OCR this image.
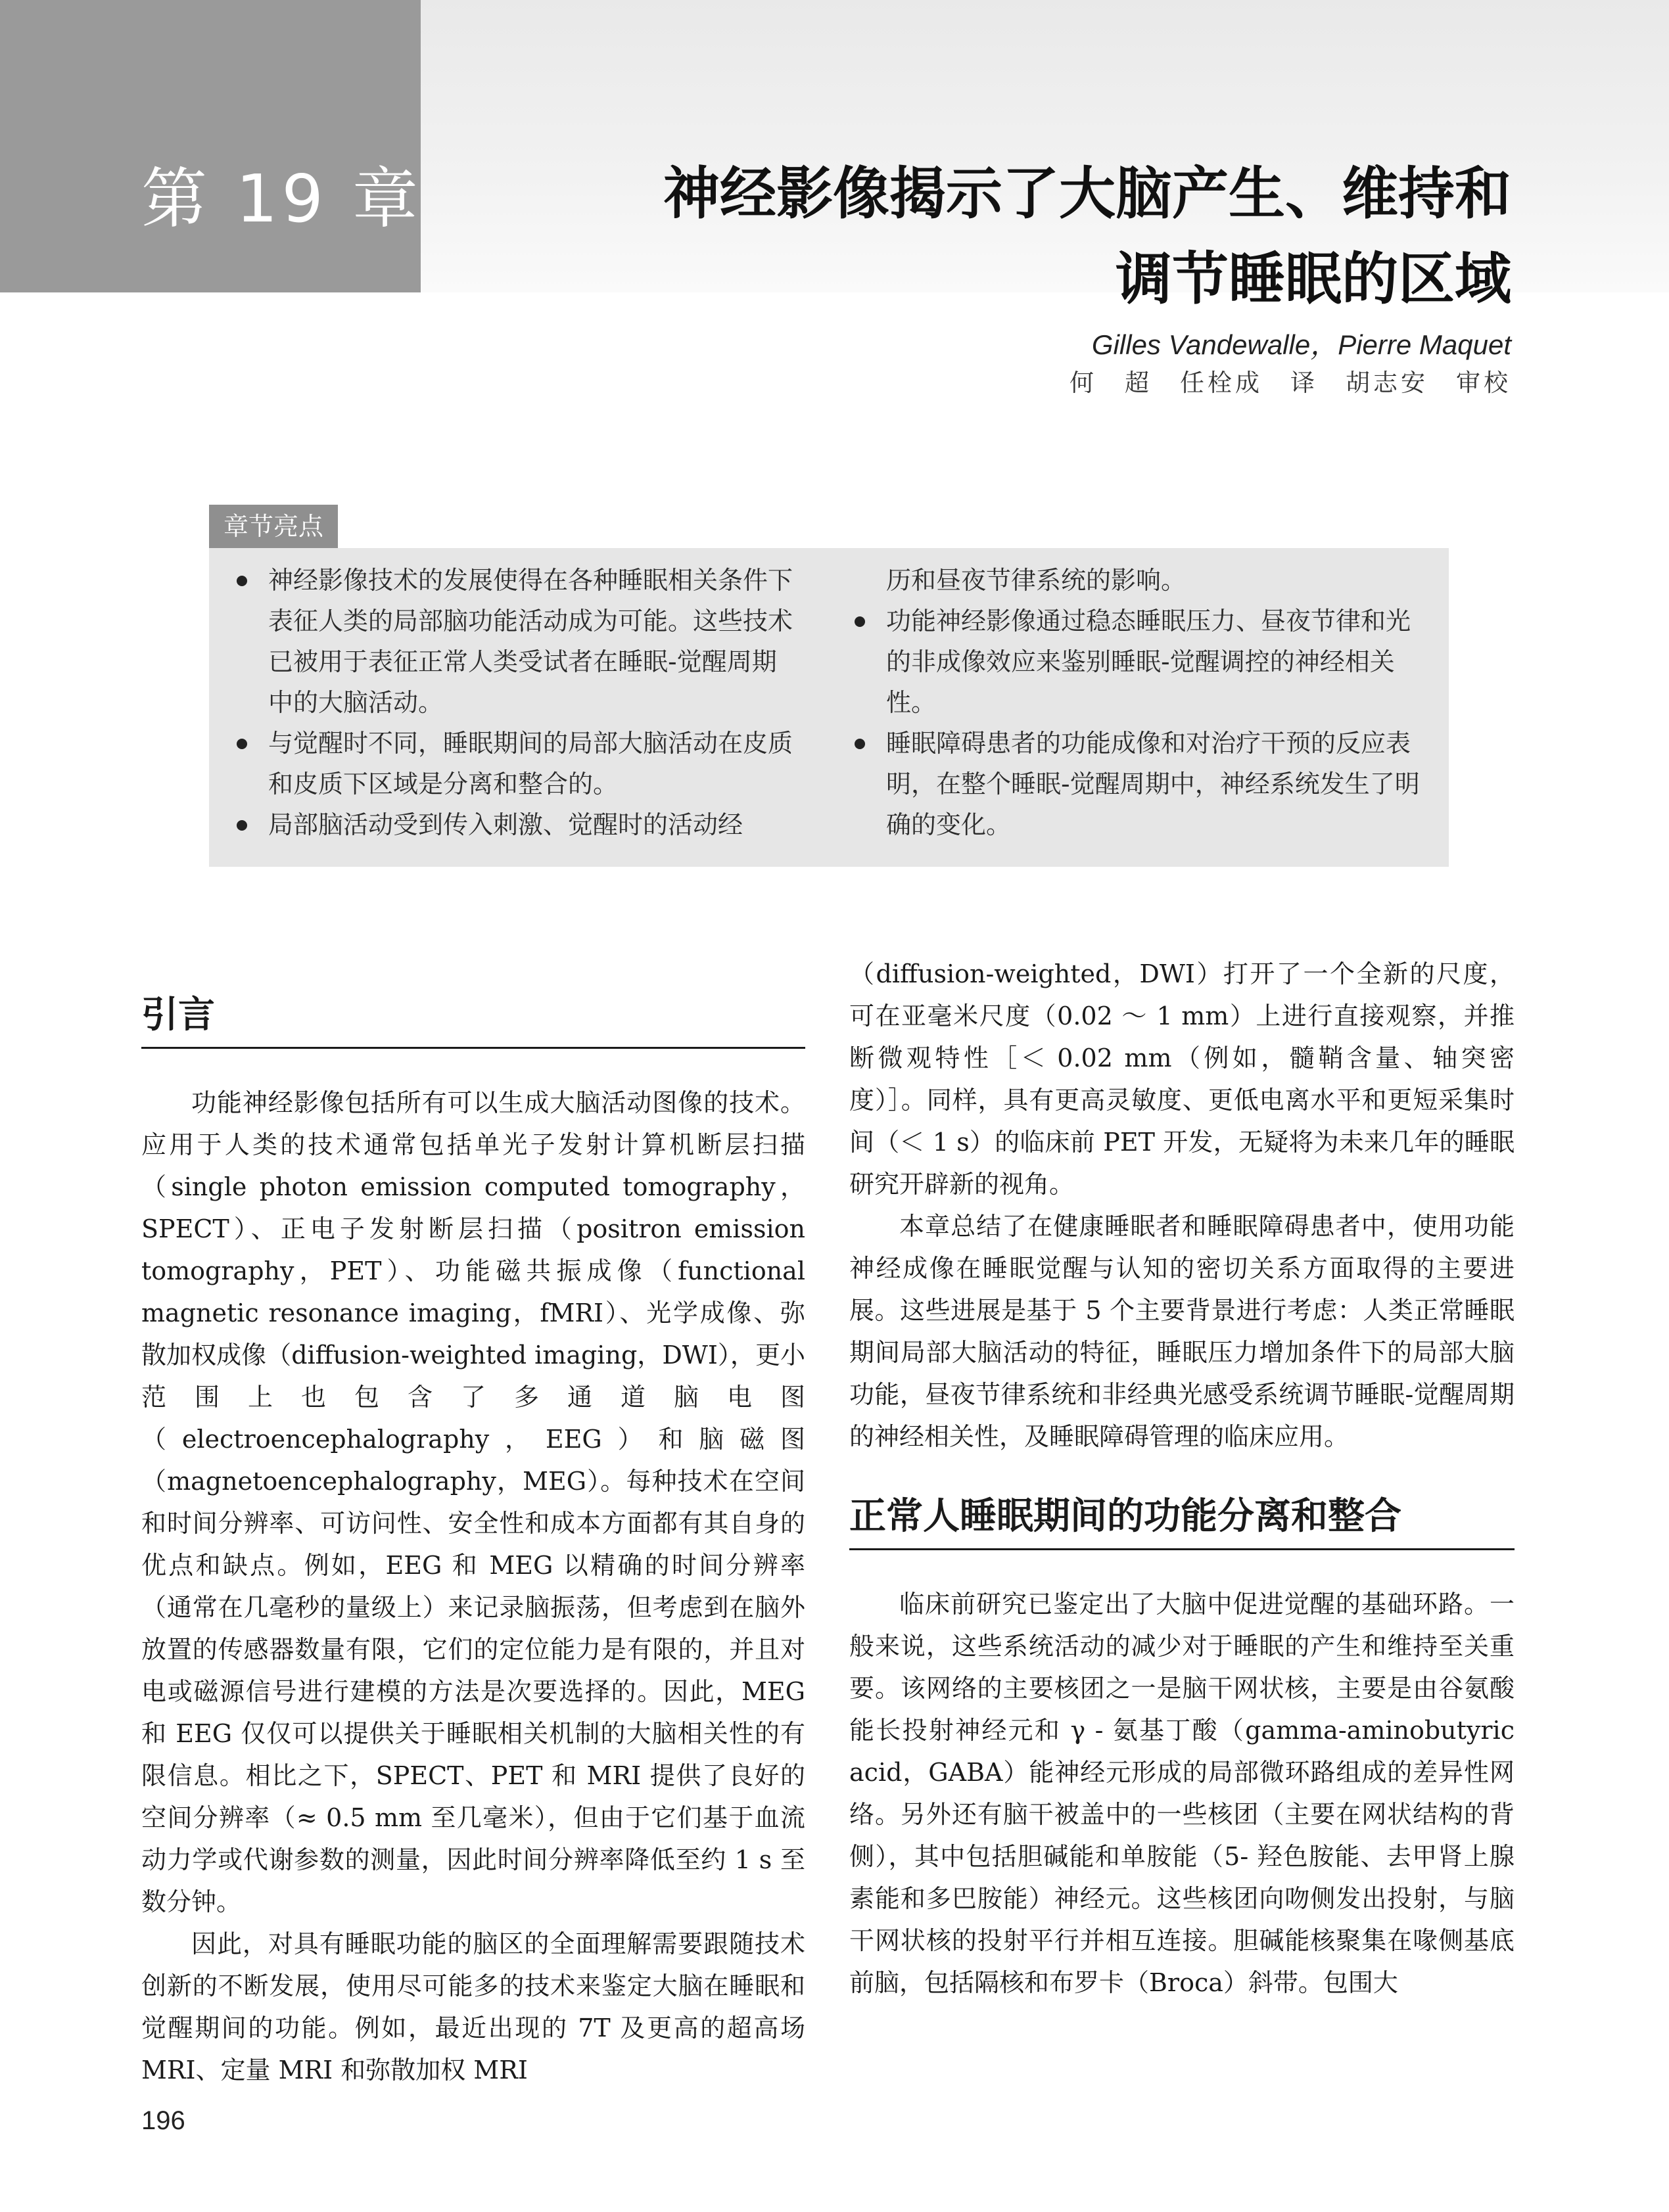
第 19 章	神经影像揭示了大脑产生、维持和
调节睡眠的区域
Gilles Vandewalle，Pierre Maquet
何　超　任栓成　译　胡志安　审校
章节亮点
神经影像技术的发展使得在各种睡眠相关条件下表征人类的局部脑功能活动成为可能。这些技术已被用于表征正常人类受试者在睡眠-觉醒周期中的大脑活动。
与觉醒时不同，睡眠期间的局部大脑活动在皮质和皮质下区域是分离和整合的。
局部脑活动受到传入刺激、觉醒时的活动经
历和昼夜节律系统的影响。
功能神经影像通过稳态睡眠压力、昼夜节律和光的非成像效应来鉴别睡眠-觉醒调控的神经相关性。
睡眠障碍患者的功能成像和对治疗干预的反应表明，在整个睡眠-觉醒周期中，神经系统发生了明确的变化。
引言

功能神经影像包括所有可以生成大脑活动图像的技术。应用于人类的技术通常包括单光子发射计算机断层扫描（single photon emission computed tomography，SPECT）、正电子发射断层扫描（positron emission tomography，PET）、功能磁共振成像（functional magnetic resonance imaging，fMRI）、光学成像、弥散加权成像（diffusion-weighted imaging，DWI），更小范围上也包含了多通道脑电图（electroencephalography，EEG）和脑磁图（magnetoencephalography，MEG）。每种技术在空间和时间分辨率、可访问性、安全性和成本方面都有其自身的优点和缺点。例如，EEG 和 MEG 以精确的时间分辨率（通常在几毫秒的量级上）来记录脑振荡，但考虑到在脑外放置的传感器数量有限，它们的定位能力是有限的，并且对电或磁源信号进行建模的方法是次要选择的。因此，MEG 和 EEG 仅仅可以提供关于睡眠相关机制的大脑相关性的有限信息。相比之下，SPECT、PET 和 MRI 提供了良好的空间分辨率（≈ 0.5 mm 至几毫米），但由于它们基于血流动力学或代谢参数的测量，因此时间分辨率降低至约 1 s 至数分钟。

因此，对具有睡眠功能的脑区的全面理解需要跟随技术创新的不断发展，使用尽可能多的技术来鉴定大脑在睡眠和觉醒期间的功能。例如，最近出现的 7T 及更高的超高场 MRI、定量 MRI 和弥散加权 MRI

（diffusion-weighted，DWI）打开了一个全新的尺度，可在亚毫米尺度（0.02 ～ 1 mm）上进行直接观察，并推断微观特性［＜ 0.02 mm（例如，髓鞘含量、轴突密度）］。同样，具有更高灵敏度、更低电离水平和更短采集时间（＜ 1 s）的临床前 PET 开发，无疑将为未来几年的睡眠研究开辟新的视角。

本章总结了在健康睡眠者和睡眠障碍患者中，使用功能神经成像在睡眠觉醒与认知的密切关系方面取得的主要进展。这些进展是基于 5 个主要背景进行考虑：人类正常睡眠期间局部大脑活动的特征，睡眠压力增加条件下的局部大脑功能，昼夜节律系统和非经典光感受系统调节睡眠-觉醒周期的神经相关性，及睡眠障碍管理的临床应用。

正常人睡眠期间的功能分离和整合

临床前研究已鉴定出了大脑中促进觉醒的基础环路。一般来说，这些系统活动的减少对于睡眠的产生和维持至关重要。该网络的主要核团之一是脑干网状核，主要是由谷氨酸能长投射神经元和 γ - 氨基丁酸（gamma-aminobutyric acid，GABA）能神经元形成的局部微环路组成的差异性网络。另外还有脑干被盖中的一些核团（主要在网状结构的背侧），其中包括胆碱能和单胺能（5- 羟色胺能、去甲肾上腺素能和多巴胺能）神经元。这些核团向吻侧发出投射，与脑干网状核的投射平行并相互连接。胆碱能核聚集在喙侧基底前脑，包括隔核和布罗卡（Broca）斜带。包围大

196
